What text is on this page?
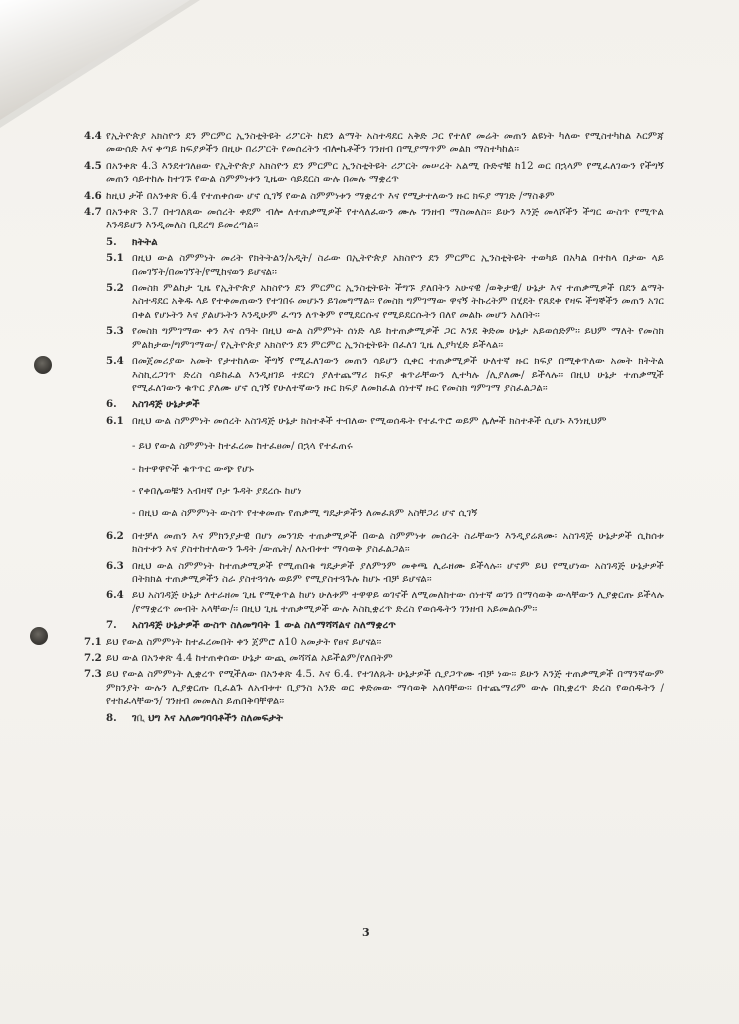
4.4 የኢትዮጵያ አክስዮን ደን ምርምር ኢንስቲትዩት ሪፖርት ከደን ልማት አስተዳደር አቅድ ጋር የተለየ መሬት መጠን ልዩነት ካለው የሚስተካከል እርምጃ መውሰድ እና ቀጣይ ክፍያዎችን በዚሁ በሪፖርት የመሰረትን ብሎኬቶችን ገንዘብ በሚያማጥም መልክ ማስተካከል፡፡
4.5 በአንቀጽ 4.3 እንደተገለፀው የኢትዮጵያ አክስዮን ደን ምርምር ኢንስቲትዩት ሪፖርት መሠረት አልሚ ቡድኖቹ ከ12 ወር በኋላም የሚፈለገውን የችግኝ መጠን ሳይተከሉ ከተገኙ የውል ስምምነቱን ጊዜው ሳይደርስ ውሉ በመሉ ማቋረጥ
4.6 ከዚህ ታች በአንቀጽ 6.4 የተጠቀሰው ሆኖ ሲገኝ የውል ስምምነቱን ማቋረጥ እና የሚታተለውን ዙር ክፍያ ማገድ /ማስቆም
4.7 በአንቀጽ 3.7 በተገለጸው መሰረት ቀደም ብሎ ለተጠቃሚዎች የተላለፈውን ሙሉ ገንዘብ ማስመለስ፡፡ ይሁን እንጅ መላሾችን ችግር ውስጥ የሚጥል እንዳይሆን እንዲመለስ ቢደረግ ይመረጣል፡፡
5.	ክትትል
5.1 በዚህ ውል ስምምነት መሪት የክትትልን/አዲት/ ስራው በኢትዮጵያ አክስዮን ደን ምርምር ኢንስቲትዩት ተወካይ በአካል በተከላ በታው ላይ በመገኘት/በመገኘት/የሚከናወን ይሆናል፡፡
5.2 በመስክ ምልከታ ጊዜ የኢትዮጵያ አክስዮን ደን ምርምር ኢንስቲትዩት ችግኙ ያለበትን አሁናዊ /ወቅታዊ/ ሁኔታ እና ተጠቃሚዎች በደን ልማት አስተዳደር አቅዱ ላይ የተቀመጠውን የተገበሩ መሆኑን ይገመግማል፡፡ የመስክ ግምገማው ዋናኝ ትኩረትም በሂደት የጸደቀ የዛፍ ችግኞችን መጠን አገር በቀል የሆኑትን እና ያልሆኑትን እንዲሁም ፈጣን ለጥቅም የሚደርሱና የሚይደርሱትን በለየ መልኩ መሆን አለበት፡፡
5.3 የመስክ ግምገማው ቀን እና ሰዓት በዚህ ውል ስምምነት ሰነድ ላይ ከተጠቃሚዎች ጋር እንደ ቅድመ ሁኔታ አይወሰድም፡፡ ይህም ማለት የመስክ ምልከታው/ግምገማው/ የኢትዮጵያ አክስዮን ደን ምርምር ኢንስቲትዩት በፈለገ ጊዜ ሊያካሂድ ይችላል፡፡
5.4 በመጀመሪያው አመት የታተከለው ችግኝ የሚፈለገውን መጠን ሳይሆን ሲቀር ተጠቃሚዎች ሁለተኛ ዙር ክፍያ በሚቀጥለው አመት ክትትል እስኪረጋገጥ ድረስ ሳይከፈል እንዲዘገይ ተደርጎ ያለተጨማሪ ክፍያ ቁጥራቸውን ሊተካሉ /ሊያለሙ/ ይችላሉ፡፡ በዚህ ሁኔታ ተጠቃሚች የሚፈለገውን ቁጥር ያለሙ ሆኖ ሲገኝ የሁለተኛውን ዙር ክፍያ ለመክፈል ሰነተኛ ዙር የመስክ ግምገማ ያስፈልጋል፡፡
6.	አስገዳጅ ሁኔታዎች
6.1 በዚህ ውል ስምምነት መሰረት አስገዳጅ ሁኔታ ክስተቶች ተብለው የሚወሰዱት የተፈጥሮ ወይም ሌሎች ክስተቶች ሲሆኑ እንነዚህም
- ይህ የውል ስምምነት ከተፈረመ ከተፈፀመ/ በኋላ የተፈጠሩ
- ከተዋዋዮች ቁጥጥር ውጭ የሆኑ
- የቀበሌወቹን አብዛኛ ቦታ ጉዳት ያደረሱ ከሆነ
- በዚህ ውል ስምምነት ውስጥ የተቀመጡ የጠቃሚ ግዴታዎችን ለመፈጸም አስቸጋሪ ሆኖ ሲገኝ
6.2 በተቻለ መጠን እና ምክንያታዊ በሆነ መንገድ ተጠቃሚዎች በውል ስምምነቱ መሰረት ስራቸውን እንዲያሬጸሙ፡ አስገዳጅ ሁኔታዎች ሲከሰቱ ክስተቱን እና ያስተከተለውን ጉዳት /ውጤት/ ለአብቱተ ማሳወቅ ያስፈልጋል፡፡
6.3 በዚህ ውል ስምምነት ከተጠቃሚዎች የሚጠበቁ ግዴታዎች ያለምንም መቀጫ ሊራዘሙ ይችላሉ፡፡ ሆኖም ይህ የሚሆነው አስገዳጅ ሁኔታዎች በትክክል ተጠቃሚዎችን ስራ ያስተጓጎሉ ወይም የሚያስተጓጉሉ ከሆኑ ብቻ ይሆናል፡፡
6.4 ይህ አስገዳጅ ሁኔታ ለተራዘመ ጊዜ የሚቀጥል ከሆነ ሁለቱም ተዋዋይ ወገኖች ለሚመለከተው ሰነተኛ ወገን በማሳወቅ ውላቸውን ሊያቋርጡ ይችላሉ /የማቋረጥ መብት አላቸው/፡፡ በዚህ ጊዜ ተጠቃሚዎች ውሉ እስኪቋረጥ ድረስ የወሰዱትን ገንዘብ አይመልሱም፡፡
7.	አስገዳጅ ሁኔታዎች ውስጥ ስለመግባት 1 ውል ስለማሻሻልና ስለማቋረጥ
7.1 ይህ የውል ስምምነት ከተፈረመበት ቀን ጀምሮ ለ10 አመታት የፀና ይሆናል፡፡
7.2 ይህ ውል በአንቀጽ 4.4 ከተጠቀሰው ሁኔታ ውጪ መሻሻል አይችልም/የለበትም
7.3 ይህ የውል ስምምነት ሊቋረጥ የሚችለው በአንቀጽ 4.5. እና 6.4. የተገለጹት ሁኔታዎች ሲያጋጥሙ ብቻ ነው፡፡ ይሁን እንጅ ተጠቃሚዎች በማንኛውም ምክንያት ውሉን ሊያቋርጡ ቢፈልጉ ለአብቱተ ቢያንስ አንድ ወር ቀድመው ማሳወቅ አለባቸው፡፡ በተጨማሪም ውሉ በኪቋረጥ ድረስ የወሰዱትን /የተከፈላቸውን/ ገንዘብ መመለስ ይጠበቅባቸዋል፡፡
8.	ገቢ ህግ እና አለመግባባቶችን ስለመፍታት
3
